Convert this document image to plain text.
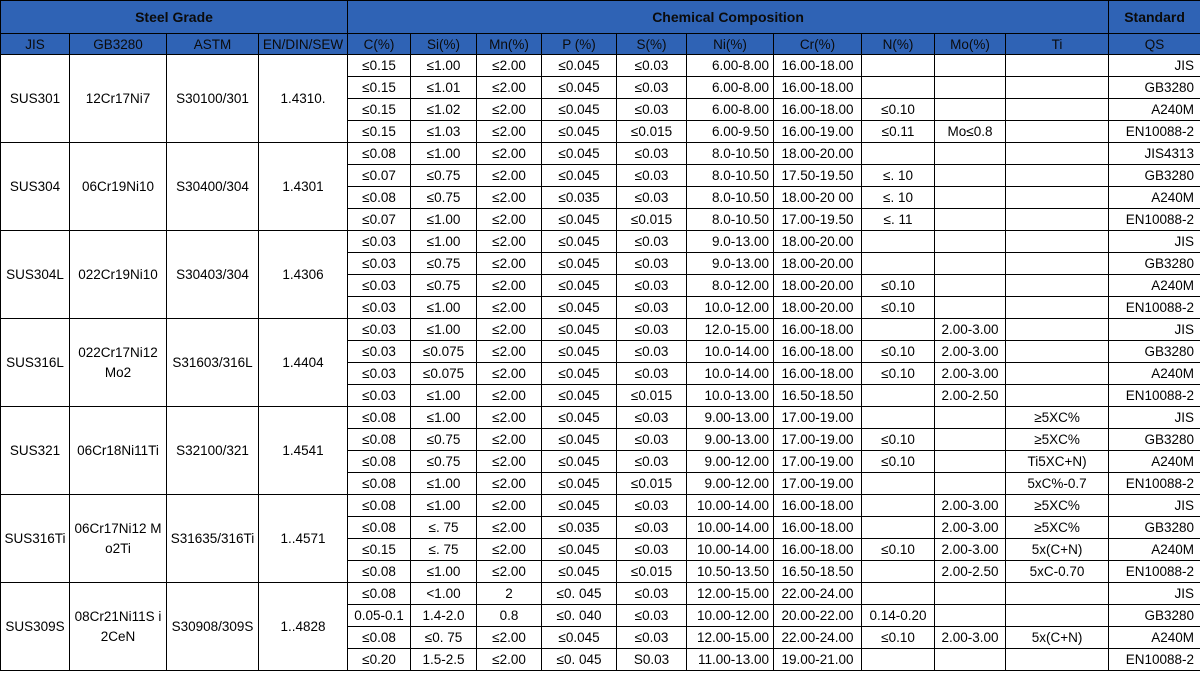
Steel Grade				Chemical Composition										Standard
JIS	GB3280	ASTM	EN/DIN/SEW	C(%)	Si(%)	Mn(%)	P (%)	S(%)	Ni(%)	Cr(%)	N(%)	Mo(%)	Ti	QS
SUS301	12Cr17Ni7	S30100/301	1.4310.	≤0.15	≤1.00	≤2.00	≤0.045	≤0.03	6.00-8.00	16.00-18.00				JIS
				≤0.15	≤1.01	≤2.00	≤0.045	≤0.03	6.00-8.00	16.00-18.00				GB3280
				≤0.15	≤1.02	≤2.00	≤0.045	≤0.03	6.00-8.00	16.00-18.00	≤0.10			A240M
				≤0.15	≤1.03	≤2.00	≤0.045	≤0.015	6.00-9.50	16.00-19.00	≤0.11	Mo≤0.8		EN10088-2
SUS304	06Cr19Ni10	S30400/304	1.4301	≤0.08	≤1.00	≤2.00	≤0.045	≤0.03	8.0-10.50	18.00-20.00				JIS4313
				≤0.07	≤0.75	≤2.00	≤0.045	≤0.03	8.0-10.50	17.50-19.50	≤. 10			GB3280
				≤0.08	≤0.75	≤2.00	≤0.035	≤0.03	8.0-10.50	18.00-20 00	≤. 10			A240M
				≤0.07	≤1.00	≤2.00	≤0.045	≤0.015	8.0-10.50	17.00-19.50	≤. 11			EN10088-2
SUS304L	022Cr19Ni10	S30403/304	1.4306	≤0.03	≤1.00	≤2.00	≤0.045	≤0.03	9.0-13.00	18.00-20.00				JIS
				≤0.03	≤0.75	≤2.00	≤0.045	≤0.03	9.0-13.00	18.00-20.00				GB3280
				≤0.03	≤0.75	≤2.00	≤0.045	≤0.03	8.0-12.00	18.00-20.00	≤0.10			A240M
				≤0.03	≤1.00	≤2.00	≤0.045	≤0.03	10.0-12.00	18.00-20.00	≤0.10			EN10088-2
SUS316L	022Cr17Ni12 Mo2	S31603/316L	1.4404	≤0.03	≤1.00	≤2.00	≤0.045	≤0.03	12.0-15.00	16.00-18.00		2.00-3.00		JIS
				≤0.03	≤0.075	≤2.00	≤0.045	≤0.03	10.0-14.00	16.00-18.00	≤0.10	2.00-3.00		GB3280
				≤0.03	≤0.075	≤2.00	≤0.045	≤0.03	10.0-14.00	16.00-18.00	≤0.10	2.00-3.00		A240M
				≤0.03	≤1.00	≤2.00	≤0.045	≤0.015	10.0-13.00	16.50-18.50		2.00-2.50		EN10088-2
SUS321	06Cr18Ni11Ti	S32100/321	1.4541	≤0.08	≤1.00	≤2.00	≤0.045	≤0.03	9.00-13.00	17.00-19.00			≥5XC%	JIS
				≤0.08	≤0.75	≤2.00	≤0.045	≤0.03	9.00-13.00	17.00-19.00	≤0.10		≥5XC%	GB3280
				≤0.08	≤0.75	≤2.00	≤0.045	≤0.03	9.00-12.00	17.00-19.00	≤0.10		Ti5XC+N)	A240M
				≤0.08	≤1.00	≤2.00	≤0.045	≤0.015	9.00-12.00	17.00-19.00			5xC%-0.7	EN10088-2
SUS316Ti	06Cr17Ni12 M o2Ti	S31635/316Ti	1..4571	≤0.08	≤1.00	≤2.00	≤0.045	≤0.03	10.00-14.00	16.00-18.00		2.00-3.00	≥5XC%	JIS
				≤0.08	≤. 75	≤2.00	≤0.035	≤0.03	10.00-14.00	16.00-18.00		2.00-3.00	≥5XC%	GB3280
				≤0.15	≤. 75	≤2.00	≤0.045	≤0.03	10.00-14.00	16.00-18.00	≤0.10	2.00-3.00	5x(C+N)	A240M
				≤0.08	≤1.00	≤2.00	≤0.045	≤0.015	10.50-13.50	16.50-18.50		2.00-2.50	5xC-0.70	EN10088-2
SUS309S	08Cr21Ni11S i 2CeN	S30908/309S	1..4828	≤0.08	<1.00	2	≤0. 045	≤0.03	12.00-15.00	22.00-24.00				JIS
				0.05-0.1	1.4-2.0	0.8	≤0. 040	≤0.03	10.00-12.00	20.00-22.00	0.14-0.20			GB3280
				≤0.08	≤0. 75	≤2.00	≤0.045	≤0.03	12.00-15.00	22.00-24.00	≤0.10	2.00-3.00	5x(C+N)	A240M
				≤0.20	1.5-2.5	≤2.00	≤0. 045	S0.03	11.00-13.00	19.00-21.00				EN10088-2
